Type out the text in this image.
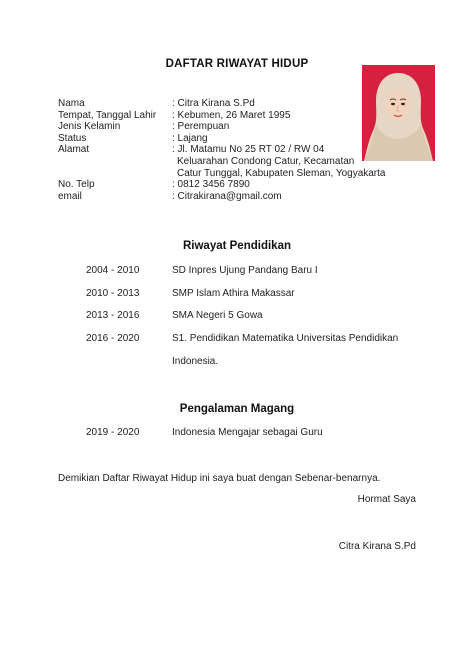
DAFTAR RIWAYAT HIDUP
Nama	: Citra Kirana S.Pd
Tempat, Tanggal Lahir	: Kebumen, 26 Maret 1995
Jenis Kelamin	: Perempuan
Status	: Lajang
Alamat	: Jl. Matamu No 25 RT 02 / RW 04
Keluarahan Condong Catur, Kecamatan
Catur Tunggal, Kabupaten Sleman, Yogyakarta
No. Telp	: 0812 3456 7890
email	: Citrakirana@gmail.com
Riwayat Pendidikan
2004 - 2010	SD Inpres Ujung Pandang Baru I
2010 - 2013	SMP Islam Athira Makassar
2013 - 2016	SMA Negeri 5 Gowa
2016 - 2020	S1. Pendidikan Matematika Universitas Pendidikan
Indonesia.
Pengalaman Magang
2019 - 2020	Indonesia Mengajar sebagai Guru
Demikian Daftar Riwayat Hidup ini saya buat dengan Sebenar-benarnya.
Hormat Saya
Citra Kirana S.Pd
